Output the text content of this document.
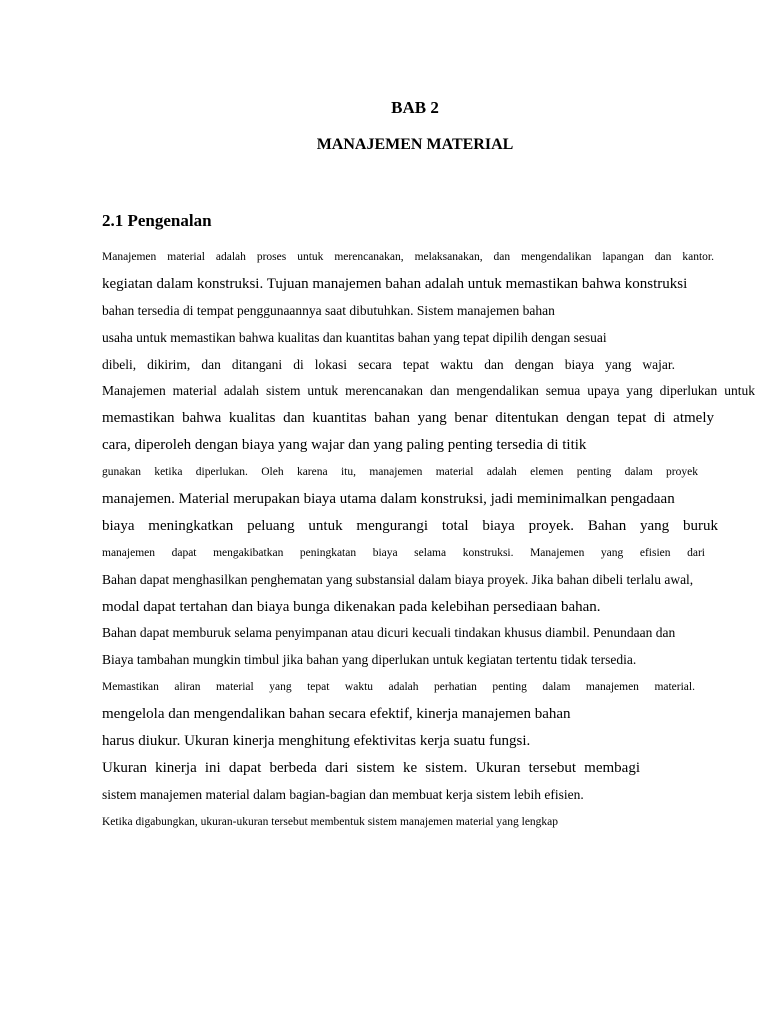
BAB 2
MANAJEMEN MATERIAL
2.1 Pengenalan
Manajemen material adalah proses untuk merencanakan, melaksanakan, dan mengendalikan lapangan dan kantor.
kegiatan dalam konstruksi. Tujuan manajemen bahan adalah untuk memastikan bahwa konstruksi
bahan tersedia di tempat penggunaannya saat dibutuhkan. Sistem manajemen bahan
usaha untuk memastikan bahwa kualitas dan kuantitas bahan yang tepat dipilih dengan sesuai
dibeli, dikirim, dan ditangani di lokasi secara tepat waktu dan dengan biaya yang wajar.
Manajemen material adalah sistem untuk merencanakan dan mengendalikan semua upaya yang diperlukan untuk
memastikan bahwa kualitas dan kuantitas bahan yang benar ditentukan dengan tepat di atmely
cara, diperoleh dengan biaya yang wajar dan yang paling penting tersedia di titik
gunakan ketika diperlukan. Oleh karena itu, manajemen material adalah elemen penting dalam proyek
manajemen. Material merupakan biaya utama dalam konstruksi, jadi meminimalkan pengadaan
biaya meningkatkan peluang untuk mengurangi total biaya proyek. Bahan yang buruk
manajemen dapat mengakibatkan peningkatan biaya selama konstruksi. Manajemen yang efisien dari
Bahan dapat menghasilkan penghematan yang substansial dalam biaya proyek. Jika bahan dibeli terlalu awal,
modal dapat tertahan dan biaya bunga dikenakan pada kelebihan persediaan bahan.
Bahan dapat memburuk selama penyimpanan atau dicuri kecuali tindakan khusus diambil. Penundaan dan
Biaya tambahan mungkin timbul jika bahan yang diperlukan untuk kegiatan tertentu tidak tersedia.
Memastikan aliran material yang tepat waktu adalah perhatian penting dalam manajemen material.
mengelola dan mengendalikan bahan secara efektif, kinerja manajemen bahan
harus diukur. Ukuran kinerja menghitung efektivitas kerja suatu fungsi.
Ukuran kinerja ini dapat berbeda dari sistem ke sistem. Ukuran tersebut membagi
sistem manajemen material dalam bagian-bagian dan membuat kerja sistem lebih efisien.
Ketika digabungkan, ukuran-ukuran tersebut membentuk sistem manajemen material yang lengkap
